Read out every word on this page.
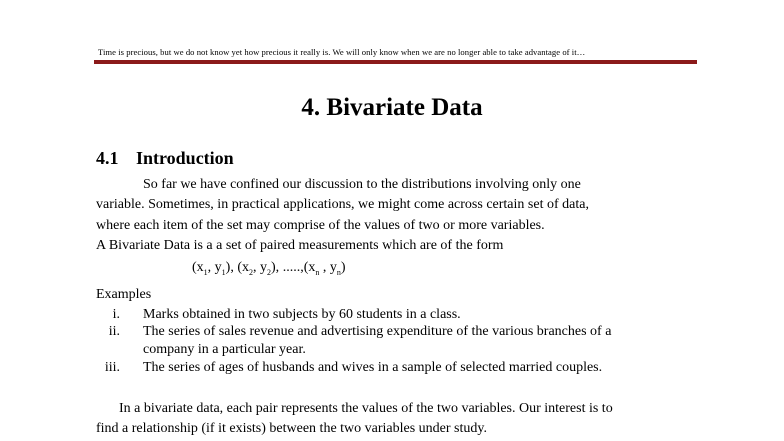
Time is precious, but we do not know yet how precious it really is. We will only know when we are no longer able to take advantage of it…
4. Bivariate Data
4.1 Introduction
So far we have confined our discussion to the distributions involving only one
variable. Sometimes, in practical applications, we might come across certain set of data,
where each item of the set may comprise of the values of two or more variables.
A Bivariate Data is a a set of paired measurements which are of the form
($x_1$, $y_1$), ($x_2$, $y_2$), $.....,(x_n$ , $y_n$)
Examples
i. Marks obtained in two subjects by 60 students in a class.
ii. The series of sales revenue and advertising expenditure of the various branches of a
company in a particular year.
iii. The series of ages of husbands and wives in a sample of selected married couples.
In a bivariate data, each pair represents the values of the two variables. Our interest is to
find a relationship (if it exists) between the two variables under study.
